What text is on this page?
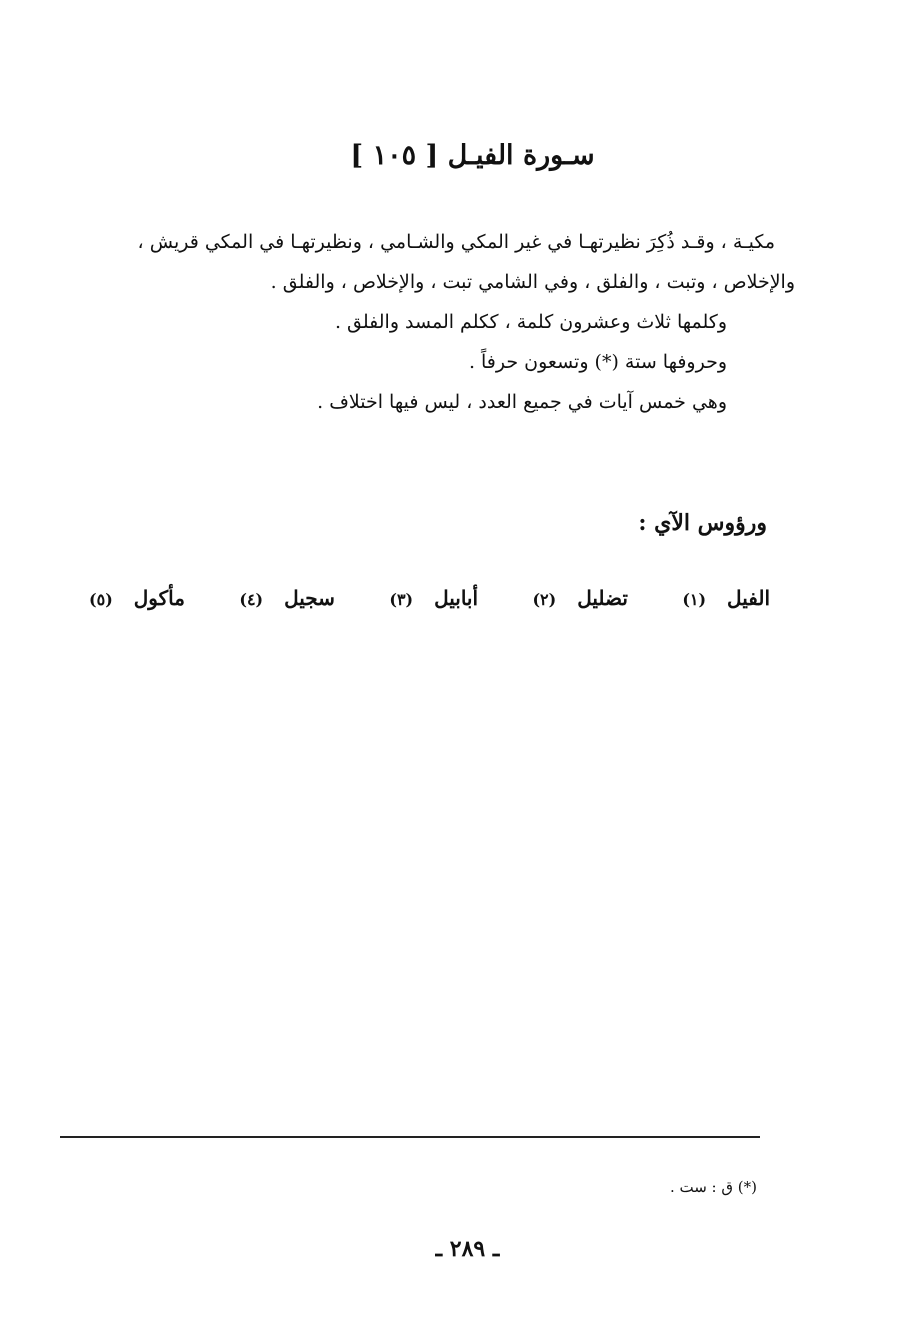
سـورة الفيـل [ ١٠٥ ]
مكيـة ، وقـد ذُكِرَ نظيرتهـا في غير المكي والشـامي ، ونظيرتهـا في المكي قريش ،
والإخلاص ، وتبت ، والفلق ، وفي الشامي تبت ، والإخلاص ، والفلق .
وكلمها ثلاث وعشرون كلمة ، ككلم المسد والفلق .
وحروفها ستة (*) وتسعون حرفاً .
وهي خمس آيات في جميع العدد ، ليس فيها اختلاف .
ورؤوس الآي :
الفيل (١)
تضليل (٢)
أبابيل (٣)
سجيل (٤)
مأكول (٥)
(*) ق : ست .
ـ ٢٨٩ ـ
